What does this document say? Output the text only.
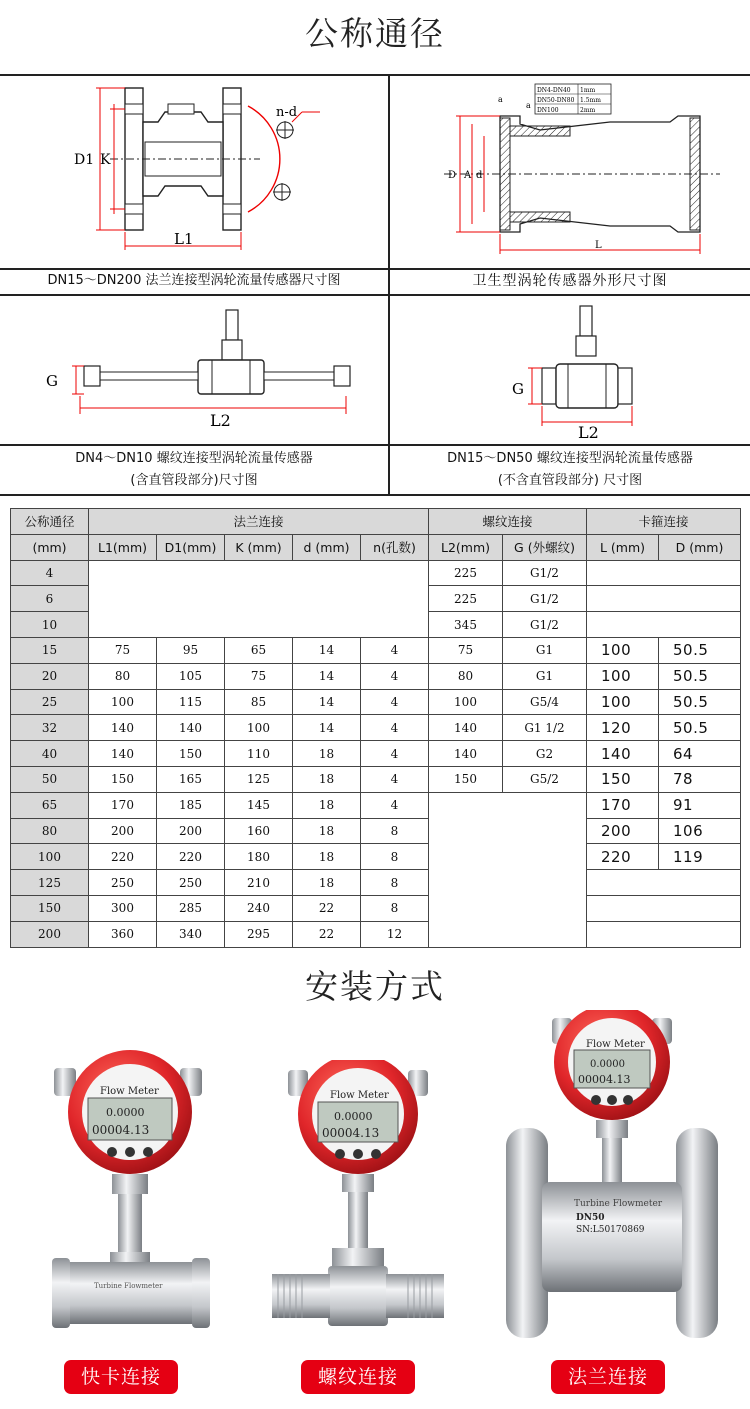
公称通径
D1 K
L1
n-d
DN15～DN200 法兰连接型涡轮流量传感器尺寸图
DN4-DN40 1mm
DN50-DN80 1.5mm
DN100	2mm
a
a
D A d
L
卫生型涡轮传感器外形尺寸图
G
L2
DN4～DN10 螺纹连接型涡轮流量传感器
(含直管段部分)尺寸图
G
L2
DN15～DN50 螺纹连接型涡轮流量传感器
(不含直管段部分) 尺寸图
公称通径	法兰连接					螺纹连接		卡箍连接	
(mm)	L1(mm)	D1(mm)	K (mm)	d (mm)	n(孔数)	L2(mm)	G (外螺纹)	L (mm)	D (mm)
4						225	G1/2		
6						225	G1/2		
10						345	G1/2		
15	75	95	65	14	4	75	G1	100	50.5
20	80	105	75	14	4	80	G1	100	50.5
25	100	115	85	14	4	100	G5/4	100	50.5
32	140	140	100	14	4	140	G1 1/2	120	50.5
40	140	150	110	18	4	140	G2	140	64
50	150	165	125	18	4	150	G5/2	150	78
65	170	185	145	18	4			170	91
80	200	200	160	18	8			200	106
100	220	220	180	18	8			220	119
125	250	250	210	18	8				
150	300	285	240	22	8				
200	360	340	295	22	12				
安装方式
Flow Meter
0.0000
00004.13
Turbine Flowmeter
Flow Meter
0.0000
00004.13
Flow Meter
0.0000
00004.13
Turbine Flowmeter
DN50
SN:L50170869
快卡连接	螺纹连接	法兰连接
